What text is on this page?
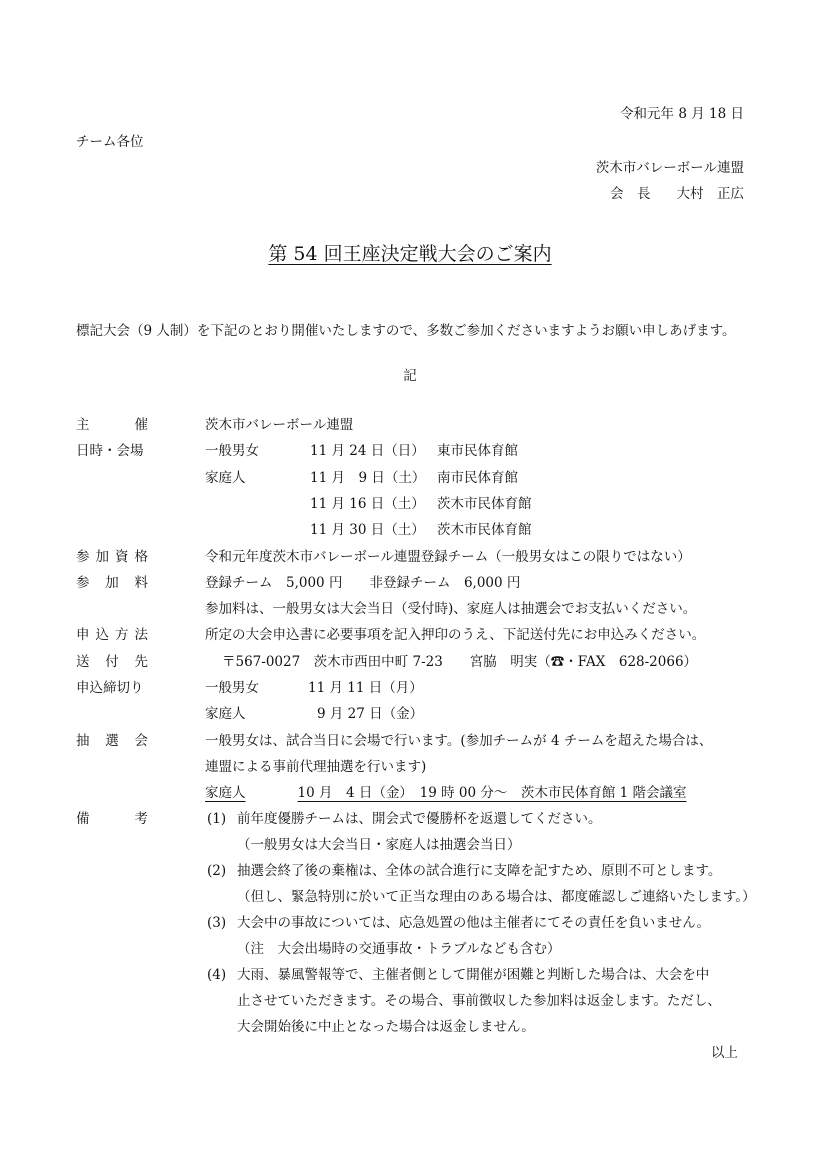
令和元年 8 月 18 日
チーム各位
茨木市バレーボール連盟
会　長 大村　正広
第 54 回王座決定戦大会のご案内
標記大会（9 人制）を下記のとおり開催いたしますので、多数ご参加くださいますようお願い申しあげます。
記
主	催	茨木市バレーボール連盟
日時・会場	一般男女	11 月 24 日（日） 東市民体育館
家庭人	11 月　9 日（土） 南市民体育館
11 月 16 日（土） 茨木市民体育館
11 月 30 日（土） 茨木市民体育館
参 加 資 格	令和元年度茨木市バレーボール連盟登録チーム（一般男女はこの限りではない）
参 加 料	登録チーム　5,000 円　　非登録チーム　6,000 円
参加料は、一般男女は大会当日（受付時)、家庭人は抽選会でお支払いください。
申 込 方 法	所定の大会申込書に必要事項を記入押印のうえ、下記送付先にお申込みください。
送 付 先	〒567-0027　茨木市西田中町 7-23　　宮脇　明実（☎・FAX　628-2066）
申込締切り	一般男女	11 月 11 日（月）
家庭人	9 月 27 日（金）
抽 選 会	一般男女は、試合当日に会場で行います。(参加チームが 4 チームを超えた場合は、
連盟による事前代理抽選を行います)
家庭人	10 月　4 日（金）　19 時 00 分～　茨木市民体育館 1 階会議室
備	考	(1) 前年度優勝チームは、開会式で優勝杯を返還してください。
（一般男女は大会当日・家庭人は抽選会当日）
(2) 抽選会終了後の棄権は、全体の試合進行に支障を記すため、原則不可とします。
（但し、緊急特別に於いて正当な理由のある場合は、都度確認しご連絡いたします。）
(3) 大会中の事故については、応急処置の他は主催者にてその責任を負いません。
（注　大会出場時の交通事故・トラブルなども含む）
(4) 大雨、暴風警報等で、主催者側として開催が困難と判断した場合は、大会を中
止させていただきます。その場合、事前徴収した参加料は返金します。ただし、
大会開始後に中止となった場合は返金しません。
以上
